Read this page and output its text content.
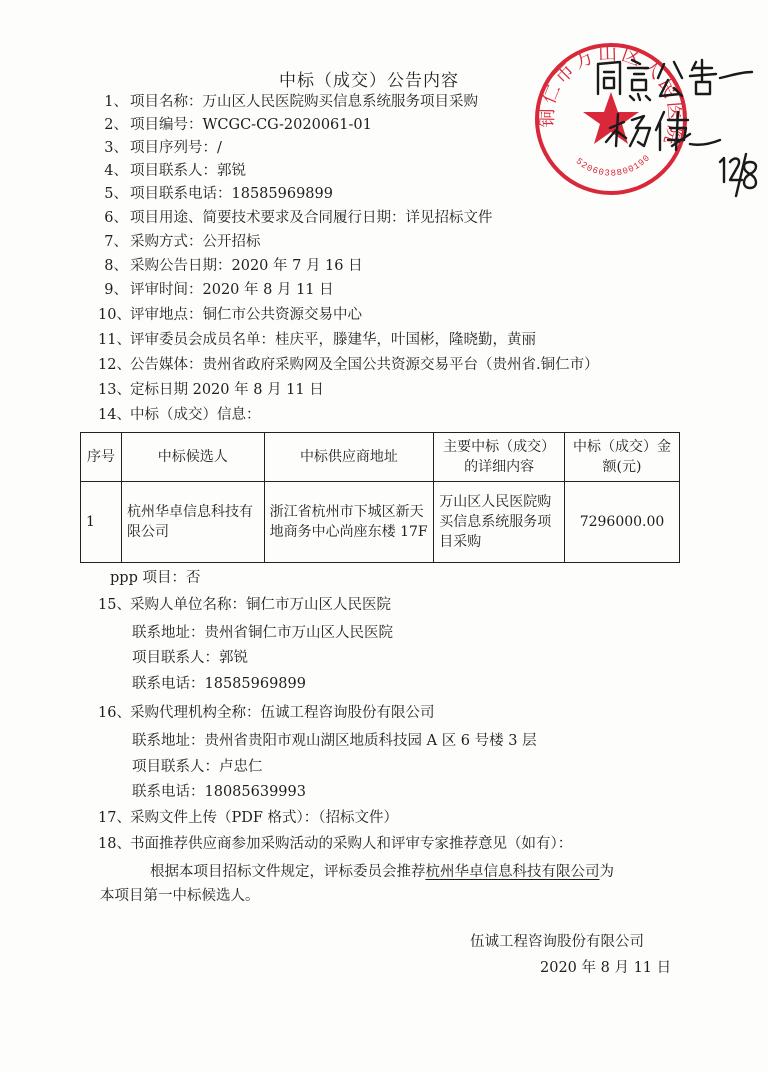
中标（成交）公告内容
1、 项目名称：万山区人民医院购买信息系统服务项目采购
2、 项目编号：WCGC-CG-2020061-01
3、 项目序列号：/
4、 项目联系人：郭锐
5、 项目联系电话：18585969899
6、 项目用途、简要技术要求及合同履行日期：详见招标文件
7、 采购方式：公开招标
8、 采购公告日期：2020 年 7 月 16 日
9、 评审时间：2020 年 8 月 11 日
10、评审地点：铜仁市公共资源交易中心
11、评审委员会成员名单：桂庆平，滕建华，叶国彬，隆晓勤，黄丽
12、公告媒体：贵州省政府采购网及全国公共资源交易平台（贵州省.铜仁市）
13、定标日期 2020 年 8 月 11 日
14、中标（成交）信息：
序号	中标候选人	中标供应商地址	主要中标（成交）的详细内容	中标（成交）金额(元)
1	杭州华卓信息科技有限公司	浙江省杭州市下城区新天地商务中心尚座东楼 17F	万山区人民医院购买信息系统服务项目采购	7296000.00
ppp 项目：否
15、采购人单位名称：铜仁市万山区人民医院
联系地址：贵州省铜仁市万山区人民医院
项目联系人：郭锐
联系电话：18585969899
16、采购代理机构全称：伍诚工程咨询股份有限公司
联系地址：贵州省贵阳市观山湖区地质科技园 A 区 6 号楼 3 层
项目联系人：卢忠仁
联系电话：18085639993
17、采购文件上传（PDF 格式）：（招标文件）
18、书面推荐供应商参加采购活动的采购人和评审专家推荐意见（如有）：
根据本项目招标文件规定，评标委员会推荐杭州华卓信息科技有限公司为
本项目第一中标候选人。
伍诚工程咨询股份有限公司
2020 年 8 月 11 日
铜仁市万山区人民医院
5206038800190
